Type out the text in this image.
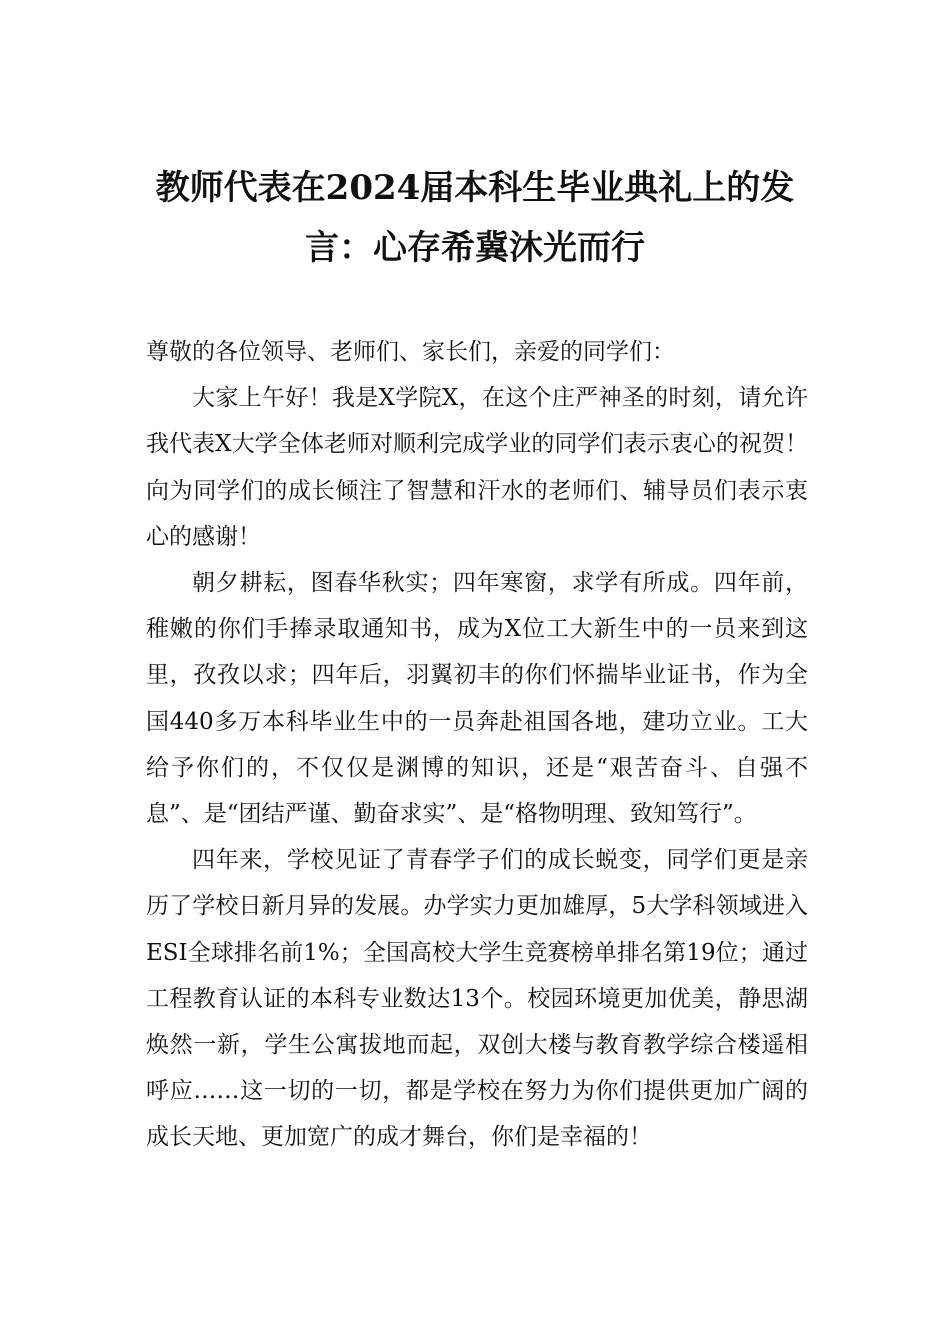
教师代表在2024届本科生毕业典礼上的发
言：心存希冀沐光而行

尊敬的各位领导、老师们、家长们，亲爱的同学们：

大家上午好！我是X学院X，在这个庄严神圣的时刻，请允许我代表X大学全体老师对顺利完成学业的同学们表示衷心的祝贺！向为同学们的成长倾注了智慧和汗水的老师们、辅导员们表示衷心的感谢！

朝夕耕耘，图春华秋实；四年寒窗，求学有所成。四年前，稚嫩的你们手捧录取通知书，成为X位工大新生中的一员来到这里，孜孜以求；四年后，羽翼初丰的你们怀揣毕业证书，作为全国440多万本科毕业生中的一员奔赴祖国各地，建功立业。工大给予你们的，不仅仅是渊博的知识，还是“艰苦奋斗、自强不息”、是“团结严谨、勤奋求实”、是“格物明理、致知笃行”。

四年来，学校见证了青春学子们的成长蜕变，同学们更是亲历了学校日新月异的发展。办学实力更加雄厚，5大学科领域进入ESI全球排名前1%；全国高校大学生竞赛榜单排名第19位；通过工程教育认证的本科专业数达13个。校园环境更加优美，静思湖焕然一新，学生公寓拔地而起，双创大楼与教育教学综合楼遥相呼应……这一切的一切，都是学校在努力为你们提供更加广阔的成长天地、更加宽广的成才舞台，你们是幸福的！
